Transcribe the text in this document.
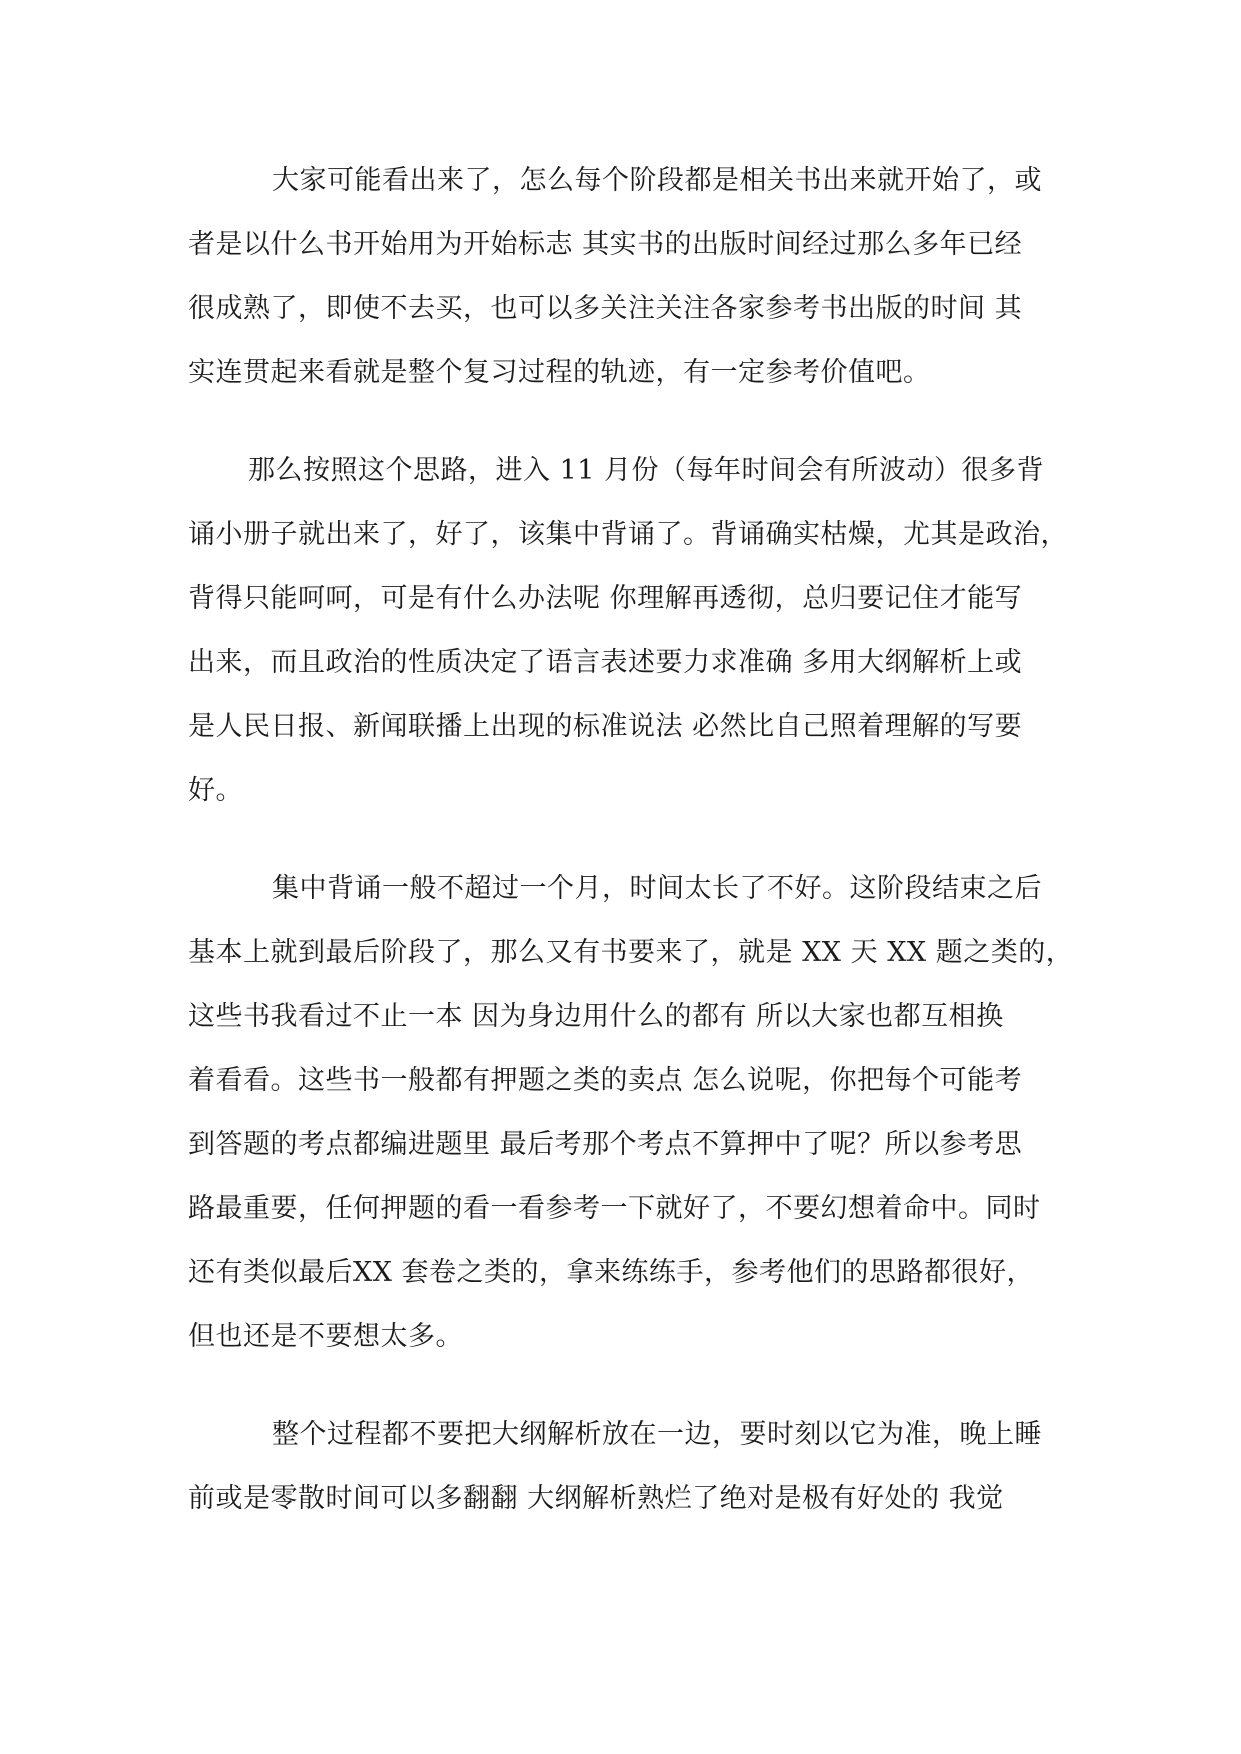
大家可能看出来了，怎么每个阶段都是相关书出来就开始了，或
者是以什么书开始用为开始标志 其实书的出版时间经过那么多年已经
很成熟了，即使不去买，也可以多关注关注各家参考书出版的时间 其
实连贯起来看就是整个复习过程的轨迹，有一定参考价值吧。
那么按照这个思路，进入 11 月份（每年时间会有所波动）很多背
诵小册子就出来了，好了，该集中背诵了。背诵确实枯燥，尤其是政治，
背得只能呵呵，可是有什么办法呢 你理解再透彻，总归要记住才能写
出来，而且政治的性质决定了语言表述要力求准确 多用大纲解析上或
是人民日报、新闻联播上出现的标准说法 必然比自己照着理解的写要
好。
集中背诵一般不超过一个月，时间太长了不好。这阶段结束之后
基本上就到最后阶段了，那么又有书要来了，就是 XX 天 XX 题之类的，
这些书我看过不止一本 因为身边用什么的都有 所以大家也都互相换
着看看。这些书一般都有押题之类的卖点 怎么说呢，你把每个可能考
到答题的考点都编进题里 最后考那个考点不算押中了呢？所以参考思
路最重要，任何押题的看一看参考一下就好了，不要幻想着命中。同时
还有类似最后XX 套卷之类的，拿来练练手，参考他们的思路都很好，
但也还是不要想太多。
整个过程都不要把大纲解析放在一边，要时刻以它为准，晚上睡
前或是零散时间可以多翻翻 大纲解析熟烂了绝对是极有好处的 我觉
